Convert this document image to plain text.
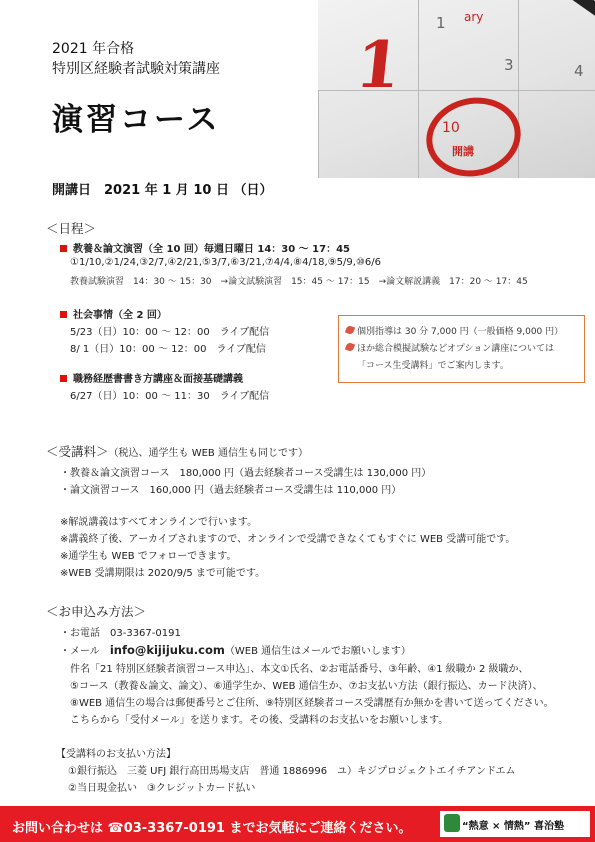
ary
1
1
3	4
10
開講
2021 年合格
特別区経験者試験対策講座
演習コース
開講日　2021 年 1 月 10 日 （日）
＜日程＞
教養＆論文演習（全 10 回）毎週日曜日 14：30 〜 17：45
①1/10,②1/24,③2/7,④2/21,⑤3/7,⑥3/21,⑦4/4,⑧4/18,⑨5/9,⑩6/6
教養試験演習　14：30 〜 15：30　→論文試験演習　15：45 〜 17：15　→論文解説講義　17：20 〜 17：45
社会事情（全 2 回）
5/23（日）10：00 〜 12：00　ライブ配信
8/ 1（日）10：00 〜 12：00　ライブ配信
職務経歴書書き方講座＆面接基礎講義
6/27（日）10：00 〜 11：30　ライブ配信
個別指導は 30 分 7,000 円（一般価格 9,000 円）
ほか総合模擬試験などオプション講座については
「コース生受講料」でご案内します。
＜受講料＞（税込、通学生も WEB 通信生も同じです）
・教養＆論文演習コース　180,000 円（過去経験者コース受講生は 130,000 円）
・論文演習コース　160,000 円（過去経験者コース受講生は 110,000 円）
※解説講義はすべてオンラインで行います。
※講義終了後、アーカイブされますので、オンラインで受講できなくてもすぐに WEB 受講可能です。
※通学生も WEB でフォローできます。
※WEB 受講期限は 2020/9/5 まで可能です。
＜お申込み方法＞
・お電話　 03-3367-0191
・メール　 info@kijijuku.com（WEB 通信生はメールでお願いします）
件名「21 特別区経験者演習コース申込」、本文①氏名、②お電話番号、③年齢、④1 級職か 2 級職か、
⑤コース（教養＆論文、論文）、⑥通学生か、WEB 通信生か、⑦お支払い方法（銀行振込、カード決済）、
⑧WEB 通信生の場合は郵便番号とご住所、⑨特別区経験者コース受講歴有か無かを書いて送ってください。
こちらから「受付メール」を送ります。その後、受講料のお支払いをお願いします。
【受講料のお支払い方法】
①銀行振込　三菱 UFJ 銀行高田馬場支店　普通 1886996　ユ）キジプロジェクトエイチアンドエム
②当日現金払い　③クレジットカード払い
お問い合わせは ☎03-3367-0191 までお気軽にご連絡ください。	“熱意 × 情熱” 喜治塾
